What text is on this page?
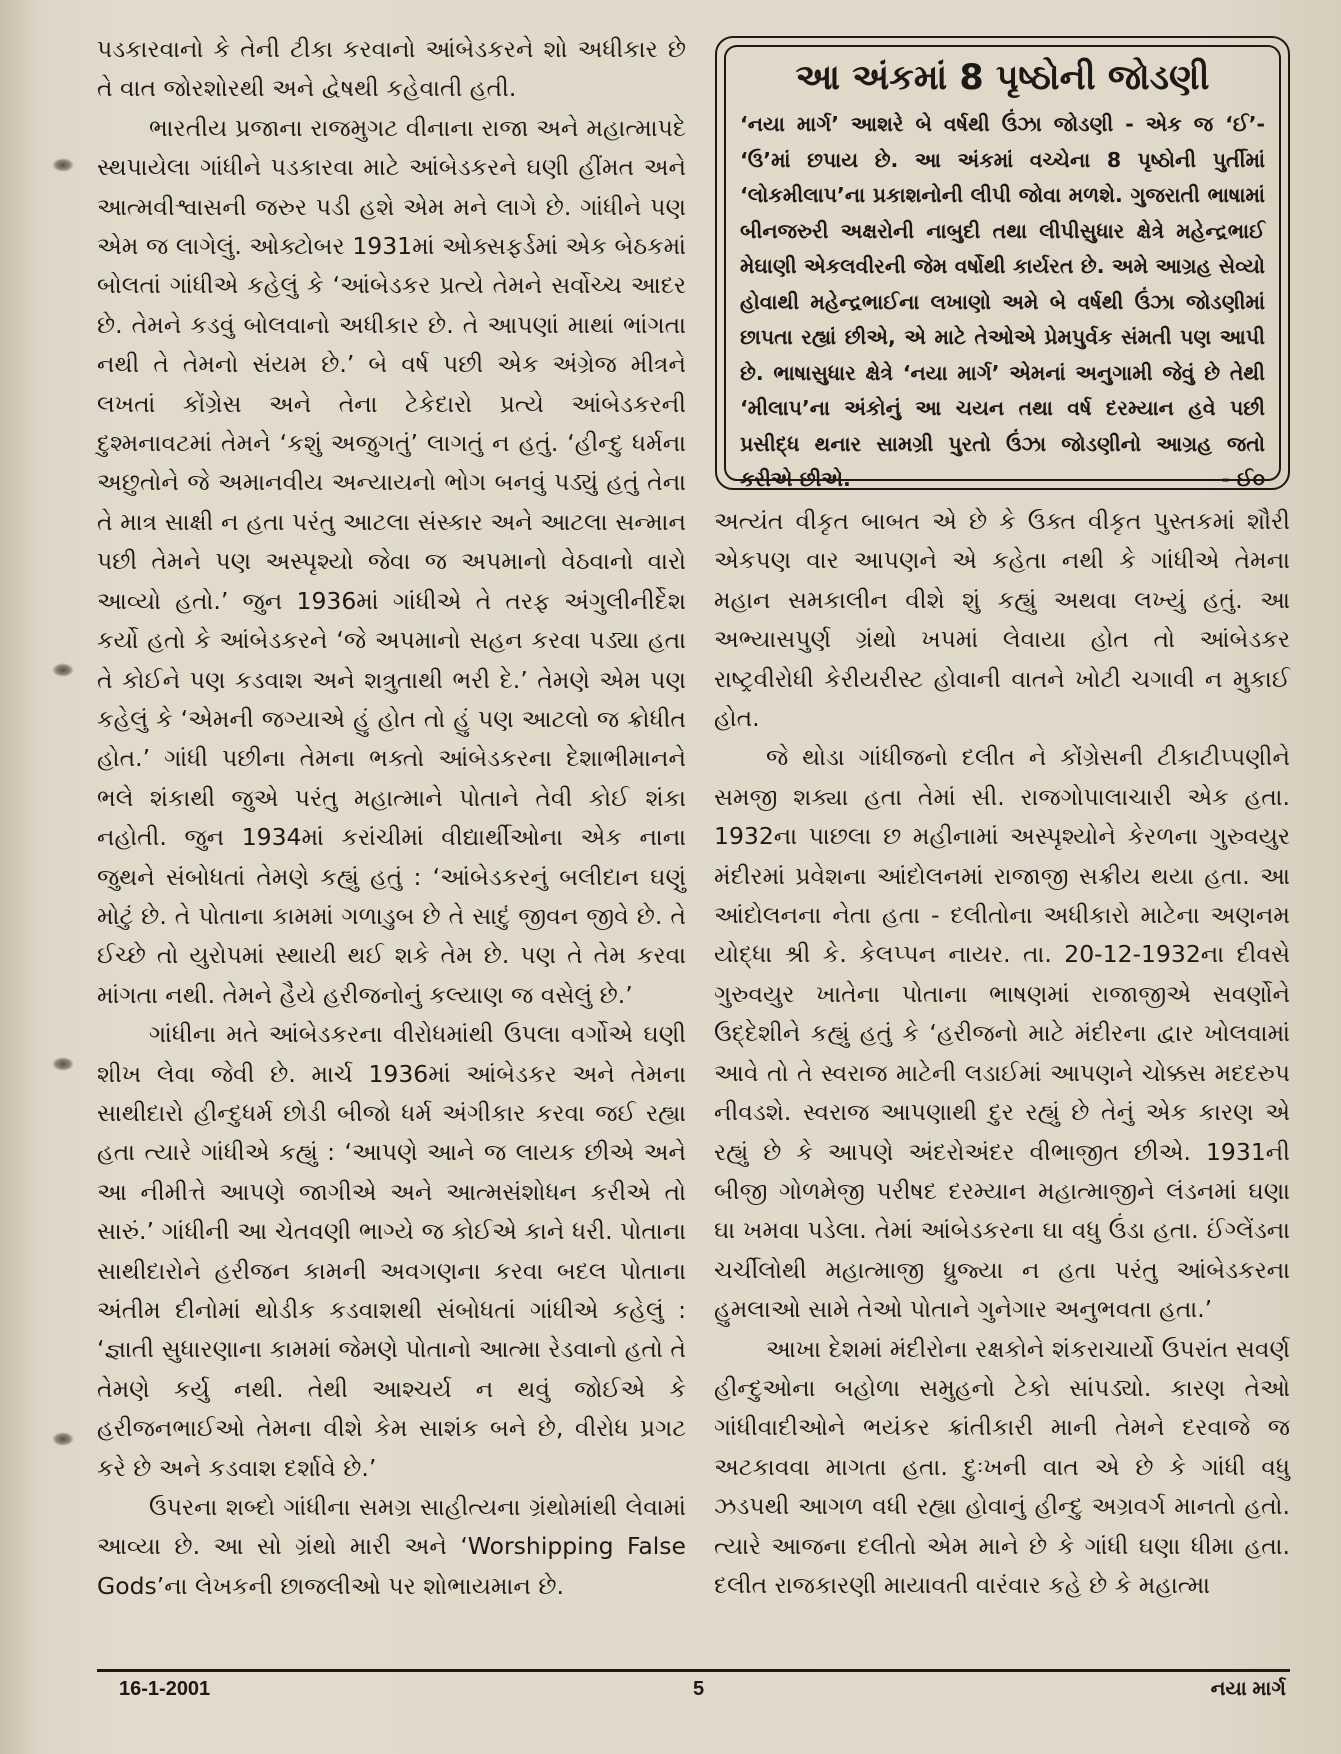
પડકારવાનો કે તેની ટીકા કરવાનો આંબેડકરને શો અધીકાર છે તે વાત જોરશોરથી અને દ્વેષથી કહેવાતી હતી.

ભારતીય પ્રજાના રાજમુગટ વીનાના રાજા અને મહાત્માપદે સ્થપાયેલા ગાંધીને પડકારવા માટે આંબેડકરને ઘણી હીંમત અને આત્મવીશ્વાસની જરુર પડી હશે એમ મને લાગે છે. ગાંધીને પણ એમ જ લાગેલું. ઓક્ટોબર 1931માં ઓક્સફર્ડમાં એક બેઠકમાં બોલતાં ગાંધીએ કહેલું કે ‘આંબેડકર પ્રત્યે તેમને સર્વોચ્ચ આદર છે. તેમને કડવું બોલવાનો અધીકાર છે. તે આપણાં માથાં ભાંગતા નથી તે તેમનો સંયમ છે.’ બે વર્ષ પછી એક અંગ્રેજ મીત્રને લખતાં કોંગ્રેસ અને તેના ટેકેદારો પ્રત્યે આંબેડકરની દુશ્મનાવટમાં તેમને ‘કશું અજુગતું’ લાગતું ન હતું. ‘હીન્દુ ધર્મના અછુતોને જે અમાનવીય અન્યાયનો ભોગ બનવું પડ્યું હતું તેના તે માત્ર સાક્ષી ન હતા પરંતુ આટલા સંસ્કાર અને આટલા સન્માન પછી તેમને પણ અસ્પૃશ્યો જેવા જ અપમાનો વેઠવાનો વારો આવ્યો હતો.’ જુન 1936માં ગાંધીએ તે તરફ અંગુલીનીર્દેશ કર્યો હતો કે આંબેડકરને ‘જે અપમાનો સહન કરવા પડ્યા હતા તે કોઈને પણ કડવાશ અને શત્રુતાથી ભરી દે.’ તેમણે એમ પણ કહેલું કે ‘એમની જગ્યાએ હું હોત તો હું પણ આટલો જ ક્રોધીત હોત.’ ગાંધી પછીના તેમના ભક્તો આંબેડકરના દેશાભીમાનને ભલે શંકાથી જુએ પરંતુ મહાત્માને પોતાને તેવી કોઈ શંકા નહોતી. જુન 1934માં કરાંચીમાં વીદ્યાર્થીઓના એક નાના જુથને સંબોધતાં તેમણે કહ્યું હતું : ‘આંબેડકરનું બલીદાન ઘણું મોટું છે. તે પોતાના કામમાં ગળાડુબ છે તે સાદું જીવન જીવે છે. તે ઈચ્છે તો યુરોપમાં સ્થાયી થઈ શકે તેમ છે. પણ તે તેમ કરવા માંગતા નથી. તેમને હૈયે હરીજનોનું કલ્યાણ જ વસેલું છે.’

ગાંધીના મતે આંબેડકરના વીરોધમાંથી ઉપલા વર્ગોએ ઘણી શીખ લેવા જેવી છે. માર્ચ 1936માં આંબેડકર અને તેમના સાથીદારો હીન્દુધર્મ છોડી બીજો ધર્મ અંગીકાર કરવા જઈ રહ્યા હતા ત્યારે ગાંધીએ કહ્યું : ‘આપણે આને જ લાયક છીએ અને આ નીમીત્તે આપણે જાગીએ અને આત્મસંશોધન કરીએ તો સારું.’ ગાંધીની આ ચેતવણી ભાગ્યે જ કોઈએ કાને ધરી. પોતાના સાથીદારોને હરીજન કામની અવગણના કરવા બદલ પોતાના અંતીમ દીનોમાં થોડીક કડવાશથી સંબોધતાં ગાંધીએ કહેલું : ‘જ્ઞાતી સુધારણાના કામમાં જેમણે પોતાનો આત્મા રેડવાનો હતો તે તેમણે કર્યુ નથી. તેથી આશ્ચર્ય ન થવું જોઈએ કે હરીજનભાઈઓ તેમના વીશે કેમ સાશંક બને છે, વીરોધ પ્રગટ કરે છે અને કડવાશ દર્શાવે છે.’

ઉપરના શબ્દો ગાંધીના સમગ્ર સાહીત્યના ગ્રંથોમાંથી લેવામાં આવ્યા છે. આ સો ગ્રંથો મારી અને ‘Worshipping False Gods’ના લેખકની છાજલીઓ પર શોભાયમાન છે.

આ અંકમાં 8 પૃષ્ઠોની જોડણી

‘નયા માર્ગ’ આશરે બે વર્ષથી ઉંઝા જોડણી - એક જ ‘ઈ’- ‘ઉ’માં છપાય છે. આ અંકમાં વચ્ચેના 8 પૃષ્ઠોની પુર્તીમાં ‘લોકમીલાપ’ના પ્રકાશનોની લીપી જોવા મળશે. ગુજરાતી ભાષામાં બીનજરુરી અક્ષરોની નાબુદી તથા લીપીસુધાર ક્ષેત્રે મહેન્દ્રભાઈ મેઘાણી એકલવીરની જેમ વર્ષોથી કાર્યરત છે. અમે આગ્રહ સેવ્યો હોવાથી મહેન્દ્રભાઈના લખાણો અમે બે વર્ષથી ઉંઝા જોડણીમાં છાપતા રહ્યાં છીએ, એ માટે તેઓએ પ્રેમપુર્વક સંમતી પણ આપી છે. ભાષાસુધાર ક્ષેત્રે ‘નયા માર્ગ’ એમનાં અનુગામી જેવું છે તેથી ‘મીલાપ’ના અંકોનું આ ચયન તથા વર્ષ દરમ્યાન હવે પછી પ્રસીદ્ધ થનાર સામગ્રી પુરતો ઉંઝા જોડણીનો આગ્રહ જતો કરીએ છીએ.	- ઈ૦

અત્યંત વીકૃત બાબત એ છે કે ઉક્ત વીકૃત પુસ્તકમાં શૌરી એકપણ વાર આપણને એ કહેતા નથી કે ગાંધીએ તેમના મહાન સમકાલીન વીશે શું કહ્યું અથવા લખ્યું હતું. આ અભ્યાસપુર્ણ ગ્રંથો ખપમાં લેવાયા હોત તો આંબેડકર રાષ્ટ્રવીરોધી કેરીયરીસ્ટ હોવાની વાતને ખોટી ચગાવી ન મુકાઈ હોત.

જે થોડા ગાંધીજનો દલીત ને કોંગ્રેસની ટીકાટીપ્પણીને સમજી શક્યા હતા તેમાં સી. રાજગોપાલાચારી એક હતા. 1932ના પાછલા છ મહીનામાં અસ્પૃશ્યોને કેરળના ગુરુવયુર મંદીરમાં પ્રવેશના આંદોલનમાં રાજાજી સક્રીય થયા હતા. આ આંદોલનના નેતા હતા - દલીતોના અધીકારો માટેના અણનમ યોદ્ધા શ્રી કે. કેલપ્પન નાયર. તા. 20-12-1932ના દીવસે ગુરુવયુર ખાતેના પોતાના ભાષણમાં રાજાજીએ સવર્ણોને ઉદ્દેશીને કહ્યું હતું કે ‘હરીજનો માટે મંદીરના દ્વાર ખોલવામાં આવે તો તે સ્વરાજ માટેની લડાઈમાં આપણને ચોક્કસ મદદરુપ નીવડશે. સ્વરાજ આપણાથી દુર રહ્યું છે તેનું એક કારણ એ રહ્યું છે કે આપણે અંદરોઅંદર વીભાજીત છીએ. 1931ની બીજી ગોળમેજી પરીષદ દરમ્યાન મહાત્માજીને લંડનમાં ઘણા ઘા ખમવા પડેલા. તેમાં આંબેડકરના ઘા વધુ ઉંડા હતા. ઈંગ્લેંડના ચર્ચીલોથી મહાત્માજી ધ્રુજ્યા ન હતા પરંતુ આંબેડકરના હુમલાઓ સામે તેઓ પોતાને ગુનેગાર અનુભવતા હતા.’

આખા દેશમાં મંદીરોના રક્ષકોને શંકરાચાર્યો ઉપરાંત સવર્ણ હીન્દુઓના બહોળા સમુહનો ટેકો સાંપડ્યો. કારણ તેઓ ગાંધીવાદીઓને ભયંકર ક્રાંતીકારી માની તેમને દરવાજે જ અટકાવવા માગતા હતા. દુઃખની વાત એ છે કે ગાંધી વધુ ઝડપથી આગળ વધી રહ્યા હોવાનું હીન્દુ અગ્રવર્ગ માનતો હતો. ત્યારે આજના દલીતો એમ માને છે કે ગાંધી ઘણા ધીમા હતા. દલીત રાજકારણી માયાવતી વારંવાર કહે છે કે મહાત્મા

16-1-2001	5	નયા માર્ગ
